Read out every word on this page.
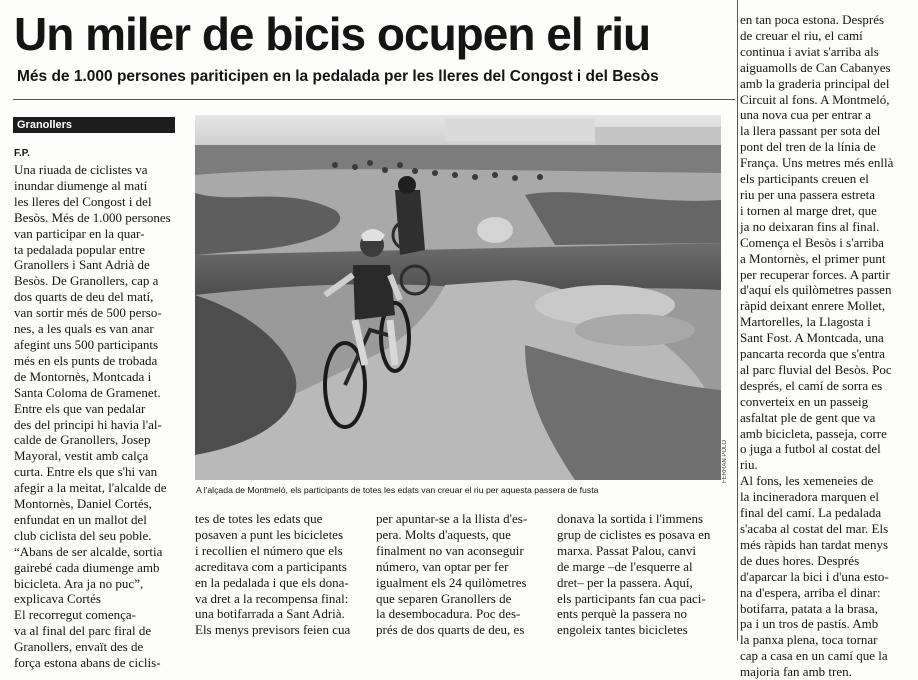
Un miler de bicis ocupen el riu
Més de 1.000 persones pariticipen en la pedalada per les lleres del Congost i del Besòs
Granollers
F.P.
Una riuada de ciclistes va
inundar diumenge al matí
les lleres del Congost i del
Besòs. Més de 1.000 persones
van participar en la quar-
ta pedalada popular entre
Granollers i Sant Adrià de
Besòs. De Granollers, cap a
dos quarts de deu del matí,
van sortir més de 500 perso-
nes, a les quals es van anar
afegint uns 500 participants
més en els punts de trobada
de Montornès, Montcada i
Santa Coloma de Gramenet.
Entre els que van pedalar
des del principi hi havia l'al-
calde de Granollers, Josep
Mayoral, vestit amb calça
curta. Entre els que s'hi van
afegir a la meitat, l'alcalde de
Montornès, Daniel Cortés,
enfundat en un mallot del
club ciclista del seu poble.
“Abans de ser alcalde, sortia
gairebé cada diumenge amb
bicicleta. Ara ja no puc”,
explicava Cortés
El recorregut comença-
va al final del parc firal de
Granollers, envaït des de
força estona abans de ciclis-
tes de totes les edats que
posaven a punt les bicicletes
i recollien el número que els
acreditava com a participants
en la pedalada i que els dona-
va dret a la recompensa final:
una botifarrada a Sant Adrià.
Els menys previsors feien cua
per apuntar-se a la llista d'es-
pera. Molts d'aquests, que
finalment no van aconseguir
número, van optar per fer
igualment els 24 quilòmetres
que separen Granollers de
la desembocadura. Poc des-
prés de dos quarts de deu, es
donava la sortida i l'immens
grup de ciclistes es posava en
marxa. Passat Palou, canvi
de marge –de l'esquerre al
dret– per la passera. Aquí,
els participants fan cua paci-
ents perquè la passera no
engoleix tantes bicicletes
en tan poca estona. Després
de creuar el riu, el camí
continua i aviat s'arriba als
aiguamolls de Can Cabanyes
amb la graderia principal del
Circuit al fons. A Montmeló,
una nova cua per entrar a
la llera passant per sota del
pont del tren de la línia de
França. Uns metres més enllà
els participants creuen el
riu per una passera estreta
i tornen al marge dret, que
ja no deixaran fins al final.
Comença el Besòs i s'arriba
a Montornès, el primer punt
per recuperar forces. A partir
d'aquí els quilòmetres passen
ràpid deixant enrere Mollet,
Martorelles, la Llagosta i
Sant Fost. A Montcada, una
pancarta recorda que s'entra
al parc fluvial del Besòs. Poc
després, el camí de sorra es
converteix en un passeig
asfaltat ple de gent que va
amb bicicleta, passeja, corre
o juga a futbol al costat del
riu.
Al fons, les xemeneies de
la incineradora marquen el
final del camí. La pedalada
s'acaba al costat del mar. Els
més ràpids han tardat menys
de dues hores. Després
d'aparcar la bici i d'una esto-
na d'espera, arriba el dinar:
botifarra, patata a la brasa,
pa i un tros de pastís. Amb
la panxa plena, toca tornar
cap a casa en un camí que la
majoria fan amb tren.
FERRAN POLO
A l'alçada de Montmeló, els participants de totes les edats van creuar el riu per aquesta passera de fusta
